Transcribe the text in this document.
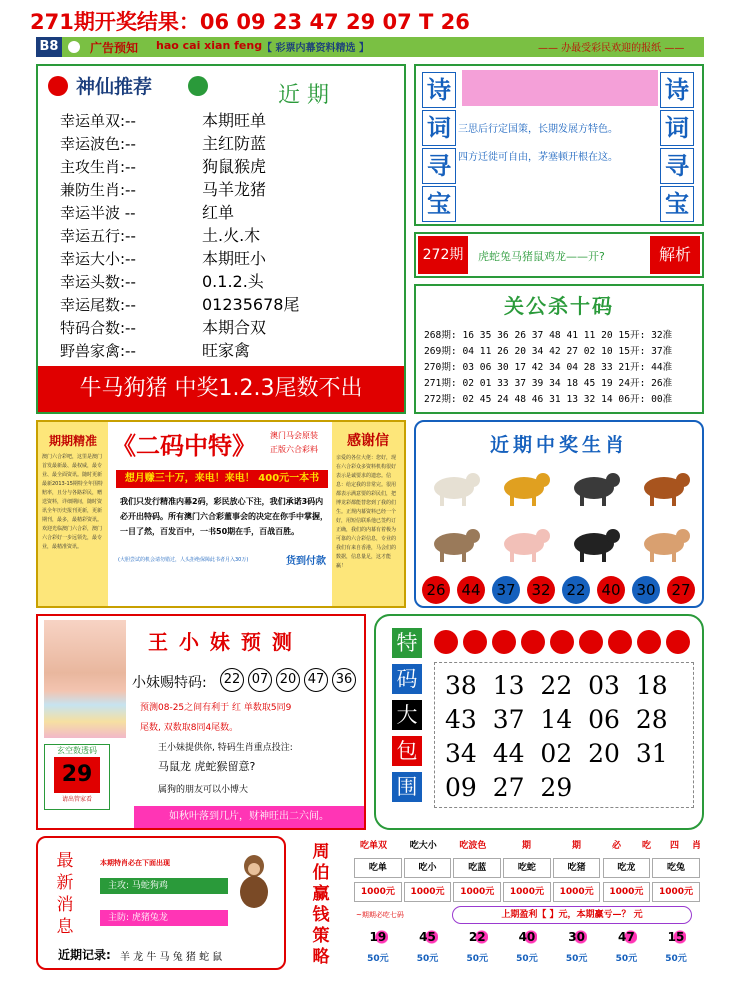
271期开奖结果：06 09 23 47 29 07 T 26
B8	广告预知 hao cai xian feng 【 彩票内幕资料精选 】	—— 办最受彩民欢迎的报纸 ——
神仙推荐	近 期
幸运单双:--	本期旺单
幸运波色:--	主红防蓝
主攻生肖:--	狗鼠猴虎
兼防生肖:--	马羊龙猪
幸运半波 --	红单
幸运五行:--	土.火.木
幸运大小:--	本期旺小
幸运头数:--	0.1.2.头
幸运尾数:--	01235678尾
特码合数:--	本期合双
野兽家禽:--	旺家禽
牛马狗猪 中奖1.2.3尾数不出
诗
词
寻
宝
三思后行定国策，长期发展方特色。
四方迁徙可自由，茅塞顿开根在这。
诗
词
寻
宝
272期	虎蛇兔马猪鼠鸡龙——开?	解析
关公杀十码
268期: 16 35 36 26 37 48 41 11 20 15开: 32准
269期: 04 11 26 20 34 42 27 02 10 15开: 37准
270期: 03 06 30 17 42 34 04 28 33 21开: 44准
271期: 02 01 33 37 39 34 18 45 19 24开: 26准
272期: 02 45 24 48 46 31 13 32 14 06开: 00准
期期精准
澳门六合彩吧，这里是澳门首发最新最、最权威，最专业、最全面资讯。随时更新最新2013-15期特全年围特赔率，且分与各路彩民，赠送资料，详细期间，随时资讯全年历史报刊更新，更新期刊，最多，最精彩资讯。欢迎光临澳门六合彩，澳门六合彩好一步远领先，最专业，最精准资讯。
《二码中特》 澳门马会原装
正版六合彩料
想月赚三十万，来电！来电！ 400元一本书
我们只发行精准内幕2码，彩民放心下注，我们承诺3码内必开出特码。所有澳门六合彩董事会的决定在你手中掌握，一目了然，百发百中，一书50期在手，百战百胜。
(大胆尝试的机会请勿错过，人头拒绝保障此书者月入30万)	货到付款
感谢信
亲爱的各位大佬：您好，现在六合彩众多资料机构很好表示是诚要求的遗恋。信息：给定我的非常完。很用都表示满意要的彩民们，把博龙彩都能替您到了我的们生。正规内幕资料已经一个好，用短信联系他已签约订正确，我们的内幕有着极为可靠的六合彩信息，专业的我们有来自香港，马会们的数据，信息量足，这才能赢！
近期中奖生肖
26 44 37 32 22 40 30 27
王 小 妹 预 测
小妹赐特码: 22 07 20 47 36
预测08-25之间有利于 红 单数取5同9
尾数, 双数取8同4尾数。
王小妹提供你, 特码生肖重点投注:
马鼠龙 虎蛇猴留意?
属狗的朋友可以小博大
玄空数透码
29
请出管家看
如秋叶落到几片，财神旺出二六间。
特
码
大
包
围
38  13  22  03  18
43  37  14  06  28
34  44  02  20  31
09  27  29
最
新
消
息
本期特肖必在下面出现
主攻: 马蛇狗鸡
主防: 虎猪兔龙
近期记录: 羊 龙 牛 马 兔 猪 蛇 鼠
周
伯
赢
钱
策
略
吃单双	吃大小	吃波色	期	期	必	吃	四	肖
吃单	吃小	吃蓝	吃蛇	吃猪	吃龙	吃兔
1000元	1000元	1000元	1000元	1000元	1000元	1000元
~期期必吃七码	上期盈利【 】元，本期赢亏—？ 元
19	45	22	40	30	47	15
50元	50元	50元	50元	50元	50元	50元
